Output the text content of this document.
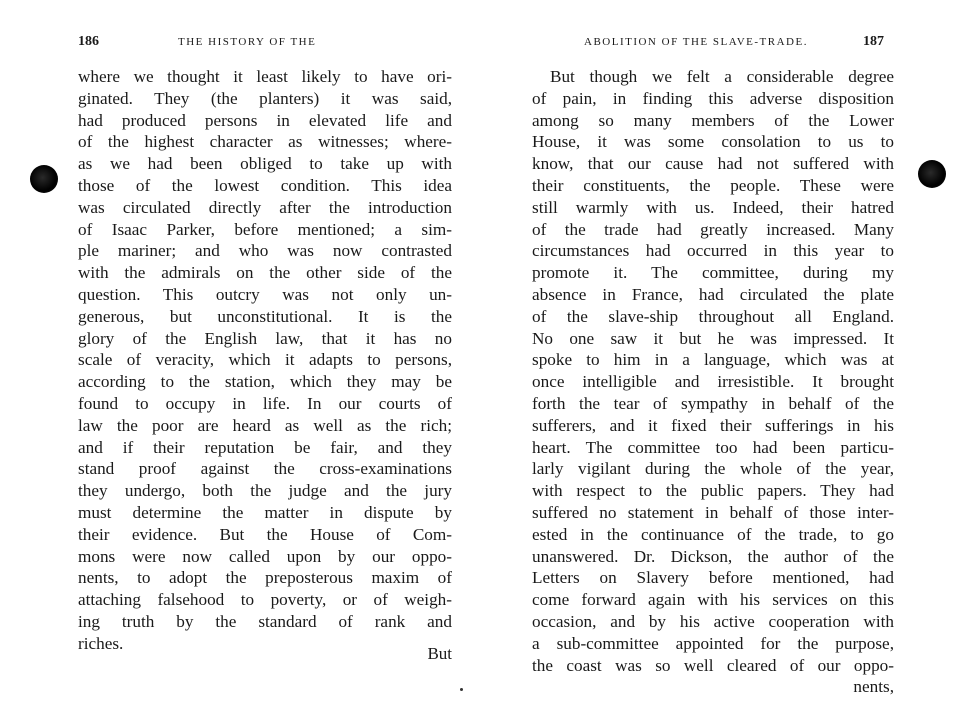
186	THE HISTORY OF THE
where we thought it least likely to have ori-
ginated. They (the planters) it was said,
had produced persons in elevated life and
of the highest character as witnesses; where-
as we had been obliged to take up with
those of the lowest condition. This idea
was circulated directly after the introduction
of Isaac Parker, before mentioned; a sim-
ple mariner; and who was now contrasted
with the admirals on the other side of the
question. This outcry was not only un-
generous, but unconstitutional. It is the
glory of the English law, that it has no
scale of veracity, which it adapts to persons,
according to the station, which they may be
found to occupy in life. In our courts of
law the poor are heard as well as the rich;
and if their reputation be fair, and they
stand proof against the cross-examinations
they undergo, both the judge and the jury
must determine the matter in dispute by
their evidence. But the House of Com-
mons were now called upon by our oppo-
nents, to adopt the preposterous maxim of
attaching falsehood to poverty, or of weigh-
ing truth by the standard of rank and
riches.
But
ABOLITION OF THE SLAVE-TRADE.	187
But though we felt a considerable degree
of pain, in finding this adverse disposition
among so many members of the Lower
House, it was some consolation to us to
know, that our cause had not suffered with
their constituents, the people. These were
still warmly with us. Indeed, their hatred
of the trade had greatly increased. Many
circumstances had occurred in this year to
promote it. The committee, during my
absence in France, had circulated the plate
of the slave-ship throughout all England.
No one saw it but he was impressed. It
spoke to him in a language, which was at
once intelligible and irresistible. It brought
forth the tear of sympathy in behalf of the
sufferers, and it fixed their sufferings in his
heart. The committee too had been particu-
larly vigilant during the whole of the year,
with respect to the public papers. They had
suffered no statement in behalf of those inter-
ested in the continuance of the trade, to go
unanswered. Dr. Dickson, the author of the
Letters on Slavery before mentioned, had
come forward again with his services on this
occasion, and by his active cooperation with
a sub-committee appointed for the purpose,
the coast was so well cleared of our oppo-
nents,
